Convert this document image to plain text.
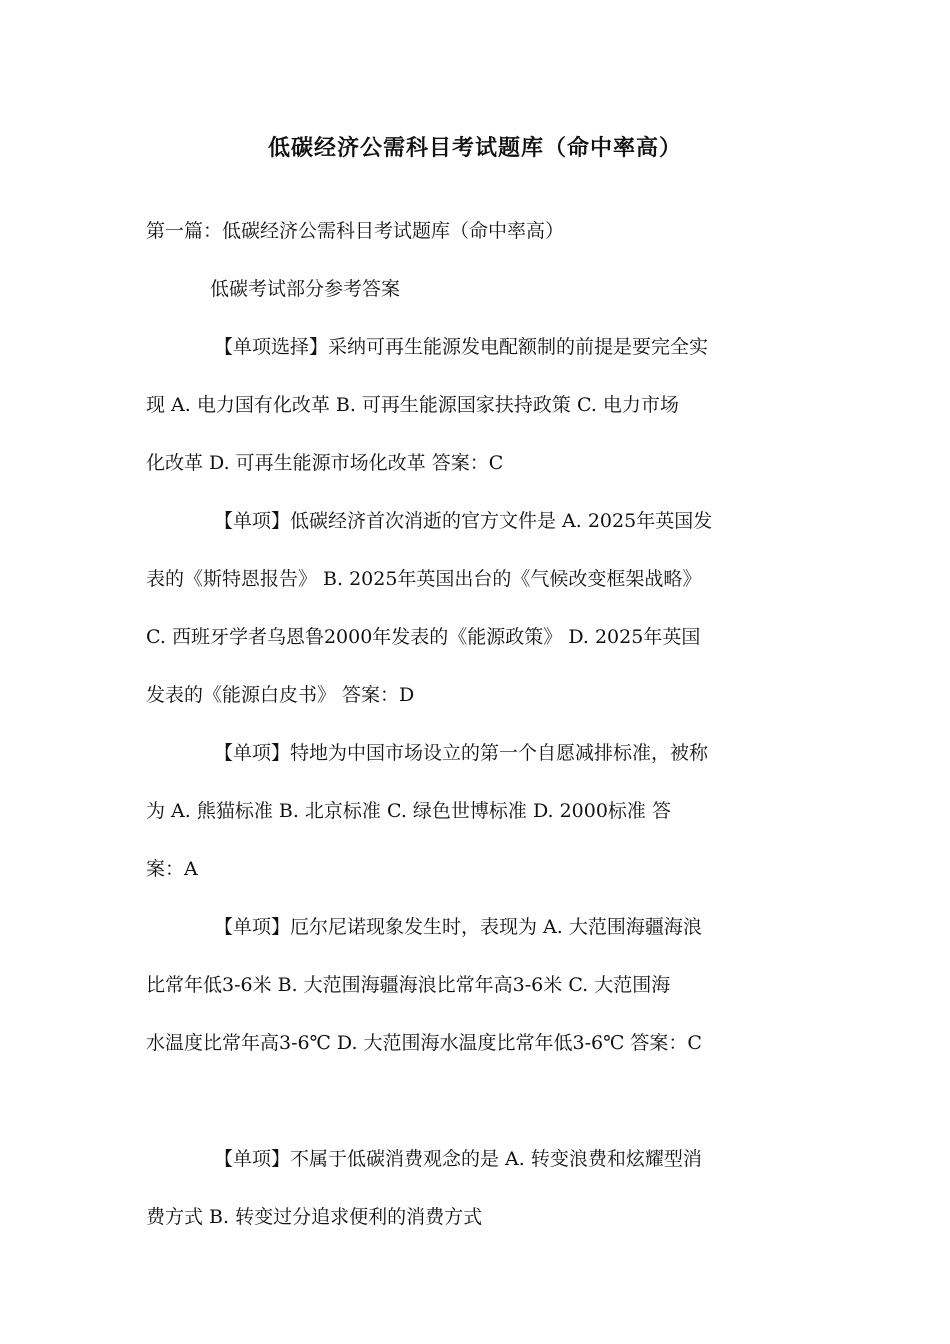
低碳经济公需科目考试题库（命中率高）
第一篇：低碳经济公需科目考试题库（命中率高）
低碳考试部分参考答案
【单项选择】采纳可再生能源发电配额制的前提是要完全实
现 A. 电力国有化改革 B. 可再生能源国家扶持政策 C. 电力市场
化改革 D. 可再生能源市场化改革 答案：C
【单项】低碳经济首次消逝的官方文件是 A. 2025年英国发
表的《斯特恩报告》 B. 2025年英国出台的《气候改变框架战略》
C. 西班牙学者乌恩鲁2000年发表的《能源政策》 D. 2025年英国
发表的《能源白皮书》 答案：D
【单项】特地为中国市场设立的第一个自愿减排标准，被称
为 A. 熊猫标准 B. 北京标准 C. 绿色世博标准 D. 2000标准 答
案：A
【单项】厄尔尼诺现象发生时，表现为 A. 大范围海疆海浪
比常年低3-6米 B. 大范围海疆海浪比常年高3-6米 C. 大范围海
水温度比常年高3-6℃ D. 大范围海水温度比常年低3-6℃ 答案：C
【单项】不属于低碳消费观念的是 A. 转变浪费和炫耀型消
费方式 B. 转变过分追求便利的消费方式
